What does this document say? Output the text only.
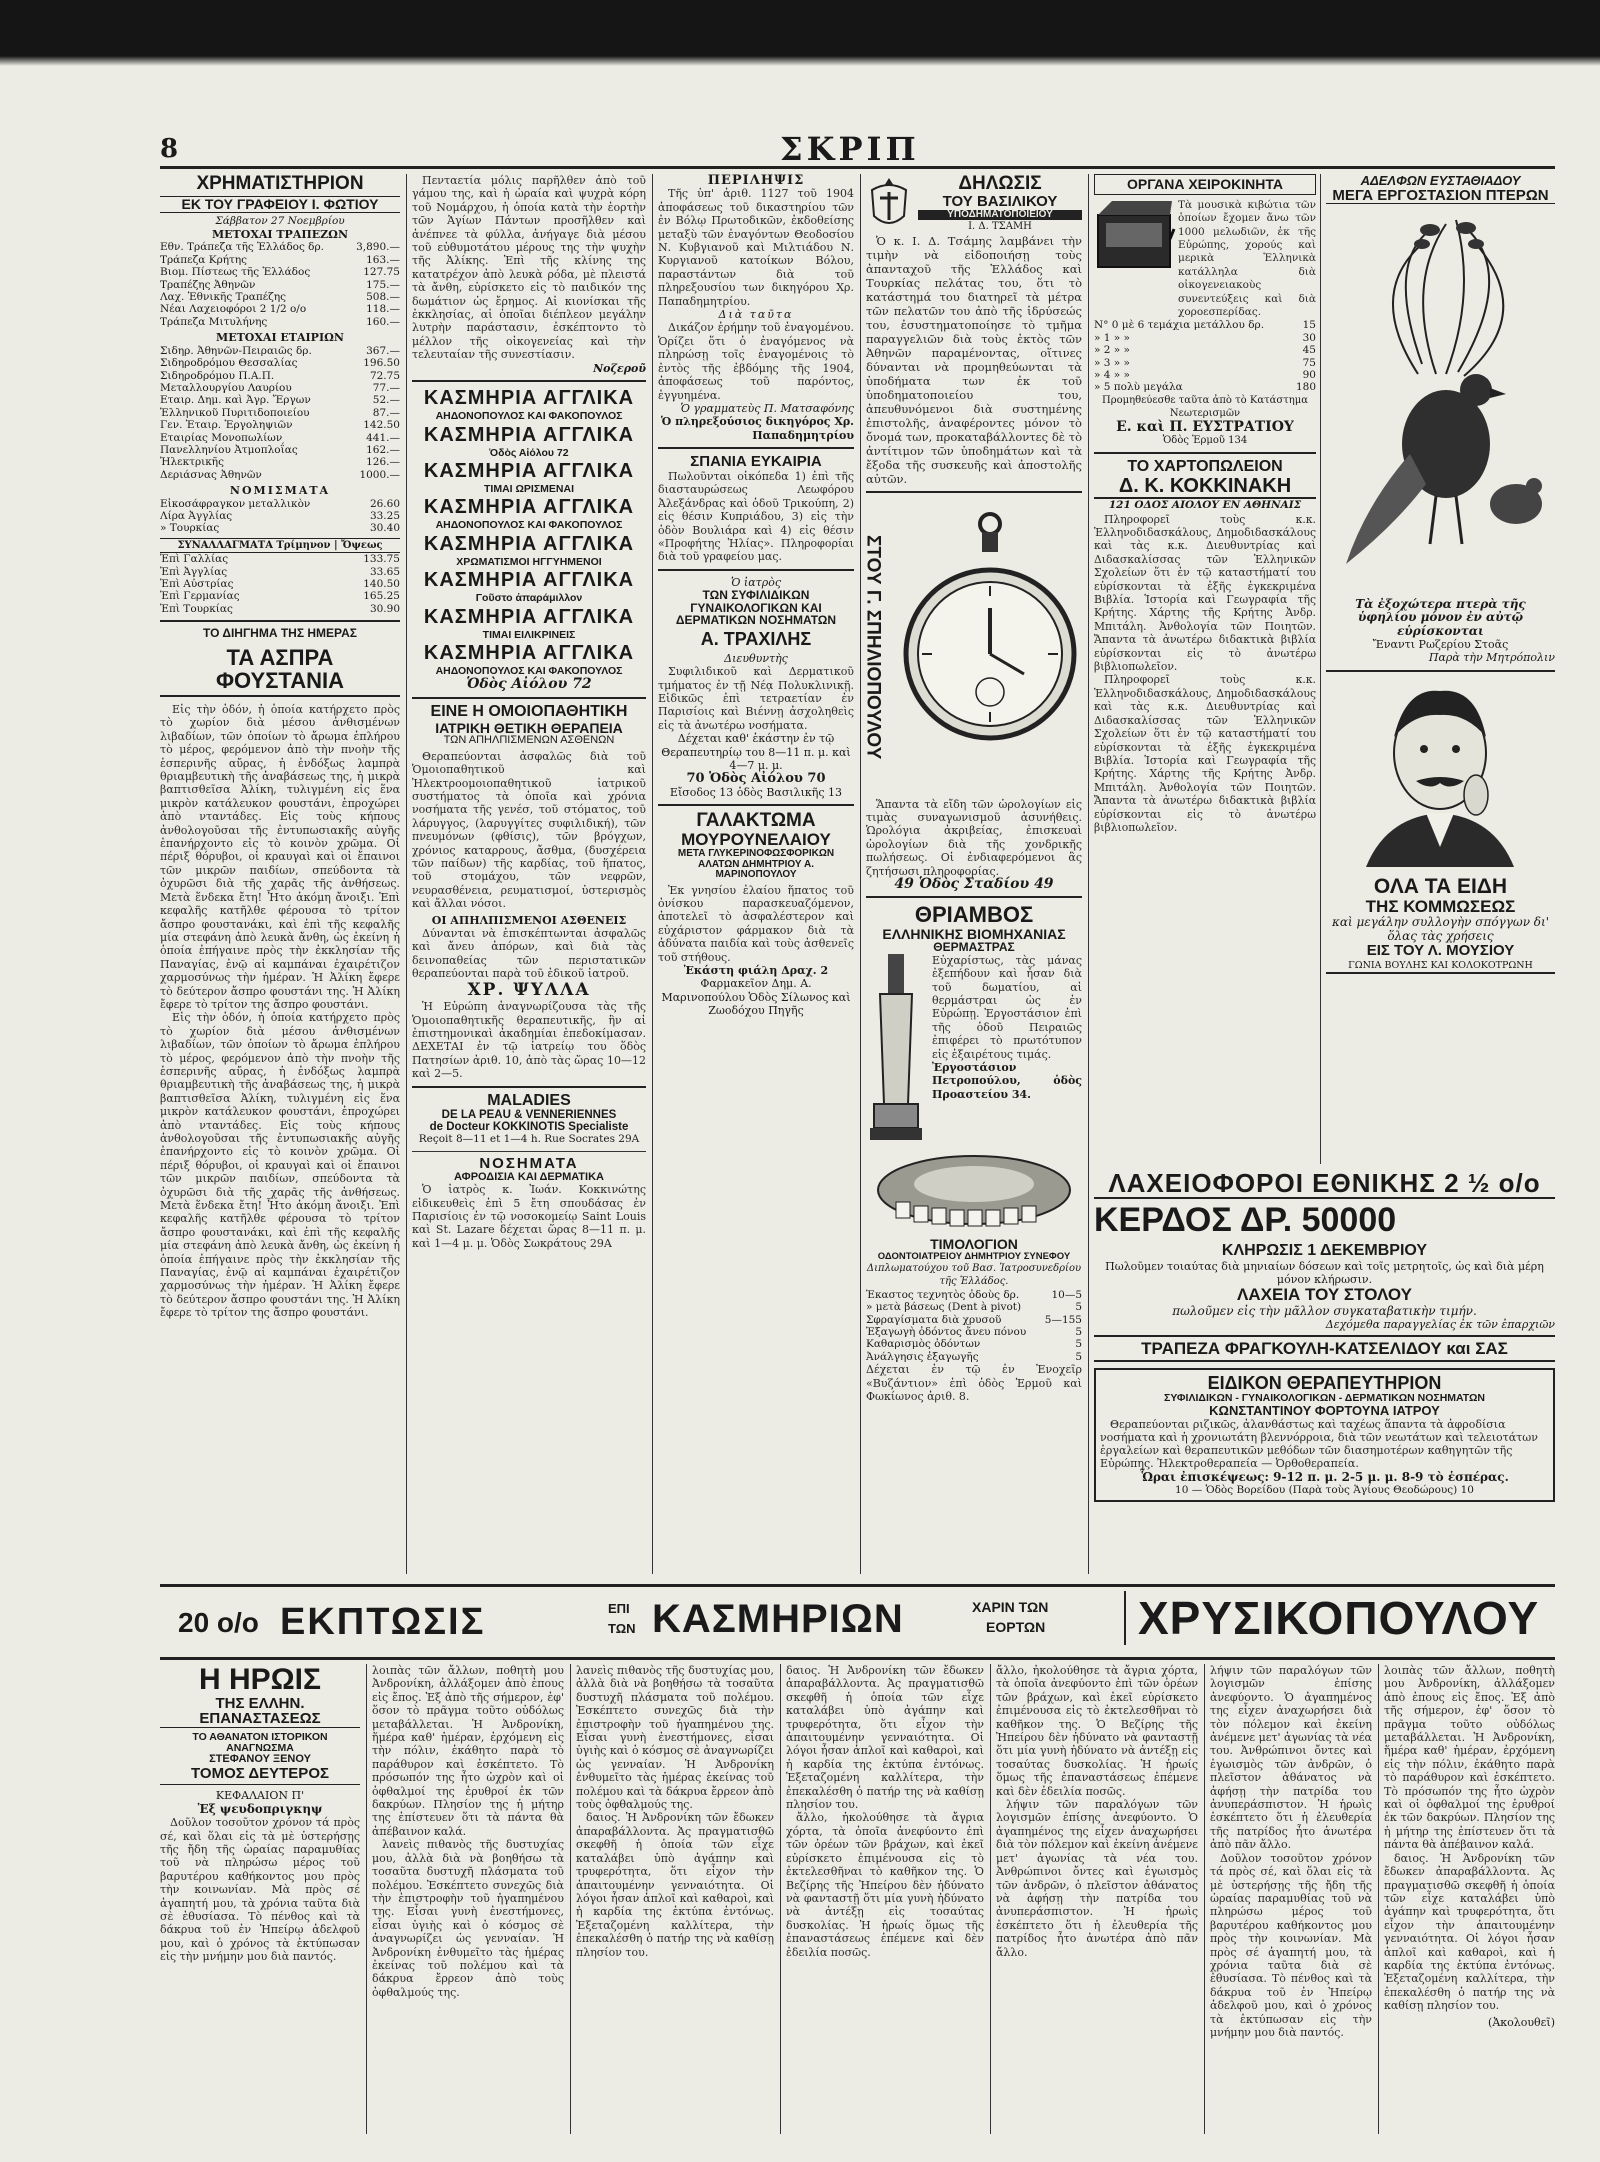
8	ΣΚΡΙΠ
ΧΡΗΜΑΤΙΣΤΗΡΙΟΝ
ΕΚ ΤΟΥ ΓΡΑΦΕΙΟΥ Ι. ΦΩΤΙΟΥ
Σάββατον 27 Νοεμβρίου
ΜΕΤΟΧΑΙ ΤΡΑΠΕΖΩΝ
Εθν. Τράπεζα τῆς Ἑλλάδος δρ.	3,890.—
Τράπεζα Κρήτης	163.—
Βιομ. Πίστεως τῆς Ἑλλάδος	127.75
Τραπέζης Ἀθηνῶν	175.—
Λαχ. Ἐθνικῆς Τραπέζης	508.—
Νέαι Λαχειοφόροι 2 1/2 ο/ο	118.—
Τράπεζα Μιτυλήνης	160.—
ΜΕΤΟΧΑΙ ΕΤΑΙΡΙΩΝ
Σιδηρ. Ἀθηνῶν-Πειραιῶς δρ.	367.—
Σιδηροδρόμου Θεσσαλίας	196.50
Σιδηροδρόμου Π.Α.Π.	72.75
Μεταλλουργίου Λαυρίου	77.—
Εταιρ. Δημ. καὶ Ἀγρ. Ἔργων	52.—
Ἑλληνικοῦ Πυριτιδοποιείου	87.—
Γεν. Ἑταιρ. Ἐργοληψιῶν	142.50
Εταιρίας Μονοπωλίων	441.—
Πανελληνίου Ἀτμοπλοΐας	162.—
Ἠλεκτρικῆς	126.—
Δεριάσνας Ἀθηνῶν	1000.—
ΝΟΜΙΣΜΑΤΑ
Εἰκοσάφραγκον μεταλλικὸν	26.60
Λίρα Ἀγγλίας	33.25
» Τουρκίας	30.40
ΣΥΝΑΛΛΑΓΜΑΤΑ Τρίμηνον | Ὄψεως
Ἐπὶ Γαλλίας	133.75
Ἐπὶ Ἀγγλίας	33.65
Ἐπὶ Αὐστρίας	140.50
Ἐπὶ Γερμανίας	165.25
Ἐπὶ Τουρκίας	30.90
ΤΟ ΔΙΗΓΗΜΑ ΤΗΣ ΗΜΕΡΑΣ
ΤΑ ΑΣΠΡΑ ΦΟΥΣΤΑΝΙΑ
Εἰς τὴν ὁδόν, ἡ ὁποία κατήρχετο πρὸς τὸ χωρίον διὰ μέσου ἀνθισμένων λιβαδίων, τῶν ὁποίων τὸ ἄρωμα ἐπλήρου τὸ μέρος, φερόμενον ἀπὸ τὴν πνοὴν τῆς ἑσπερινῆς αὔρας, ἡ ἐνδόξως λαμπρὰ θριαμβευτικὴ τῆς ἀναβάσεως της, ἡ μικρὰ βαπτισθεῖσα Ἀλίκη, τυλιγμένη εἰς ἕνα μικρὸν κατάλευκον φουστάνι, ἐπροχώρει ἀπὸ νταντάδες. Εἰς τοὺς κήπους ἀνθολογοῦσαι τῆς ἐντυπωσιακῆς αὐγῆς ἐπανήρχοντο εἰς τὸ κοινὸν χρῶμα. Οἱ πέριξ θόρυβοι, οἱ κραυγαὶ καὶ οἱ ἔπαινοι τῶν μικρῶν παιδίων, σπεύδοντα τὰ ὀχυρῶσι διὰ τῆς χαρᾶς τῆς ἀνθήσεως. Μετὰ ἕνδεκα ἔτη! Ἦτο ἀκόμη ἄνοιξι. Ἐπὶ κεφαλῆς κατῆλθε φέρουσα τὸ τρίτον ἄσπρο φουστανάκι, καὶ ἐπὶ τῆς κεφαλῆς μία στεφάνη ἀπὸ λευκὰ ἄνθη, ὡς ἐκείνη ἡ ὁποία ἐπήγαινε πρὸς τὴν ἐκκλησίαν τῆς Παναγίας, ἐνῷ αἱ καμπάναι ἐχαιρέτιζον χαρμοσύνως τὴν ἡμέραν. Ἡ Ἀλίκη ἔφερε τὸ δεύτερον ἄσπρο φουστάνι της. Ἡ Ἀλίκη ἔφερε τὸ τρίτον της ἄσπρο φουστάνι.
Εἰς τὴν ὁδόν, ἡ ὁποία κατήρχετο πρὸς τὸ χωρίον διὰ μέσου ἀνθισμένων λιβαδίων, τῶν ὁποίων τὸ ἄρωμα ἐπλήρου τὸ μέρος, φερόμενον ἀπὸ τὴν πνοὴν τῆς ἑσπερινῆς αὔρας, ἡ ἐνδόξως λαμπρὰ θριαμβευτικὴ τῆς ἀναβάσεως της, ἡ μικρὰ βαπτισθεῖσα Ἀλίκη, τυλιγμένη εἰς ἕνα μικρὸν κατάλευκον φουστάνι, ἐπροχώρει ἀπὸ νταντάδες. Εἰς τοὺς κήπους ἀνθολογοῦσαι τῆς ἐντυπωσιακῆς αὐγῆς ἐπανήρχοντο εἰς τὸ κοινὸν χρῶμα. Οἱ πέριξ θόρυβοι, οἱ κραυγαὶ καὶ οἱ ἔπαινοι τῶν μικρῶν παιδίων, σπεύδοντα τὰ ὀχυρῶσι διὰ τῆς χαρᾶς τῆς ἀνθήσεως. Μετὰ ἕνδεκα ἔτη! Ἦτο ἀκόμη ἄνοιξι. Ἐπὶ κεφαλῆς κατῆλθε φέρουσα τὸ τρίτον ἄσπρο φουστανάκι, καὶ ἐπὶ τῆς κεφαλῆς μία στεφάνη ἀπὸ λευκὰ ἄνθη, ὡς ἐκείνη ἡ ὁποία ἐπήγαινε πρὸς τὴν ἐκκλησίαν τῆς Παναγίας, ἐνῷ αἱ καμπάναι ἐχαιρέτιζον χαρμοσύνως τὴν ἡμέραν. Ἡ Ἀλίκη ἔφερε τὸ δεύτερον ἄσπρο φουστάνι της. Ἡ Ἀλίκη ἔφερε τὸ τρίτον της ἄσπρο φουστάνι.
Πενταετία μόλις παρῆλθεν ἀπὸ τοῦ γάμου της, καὶ ἡ ὡραία καὶ ψυχρὰ κόρη τοῦ Νομάρχου, ἡ ὁποία κατὰ τὴν ἑορτὴν τῶν Ἁγίων Πάντων προσῆλθεν καὶ ἀνέπνεε τὰ φύλλα, ἀνήγαγε διὰ μέσου τοῦ εὐθυμοτάτου μέρους της τὴν ψυχὴν τῆς Ἀλίκης. Ἐπὶ τῆς κλίνης της κατατρέχον ἀπὸ λευκὰ ρόδα, μὲ πλειστά τὰ ἄνθη, εὑρίσκετο εἰς τὸ παιδικόν της δωμάτιον ὡς ἔρημος. Αἱ κιονίσκαι τῆς ἐκκλησίας, αἱ ὁποῖαι διέπλεον μεγάλην λυτρὴν παράστασιν, ἐσκέπτοντο τὸ μέλλον τῆς οἰκογενείας καὶ τὴν τελευταίαν τῆς συνεστίασιν.
Νοζεροῦ
ΚΑΣΜΗΡΙΑ ΑΓΓΛΙΚΑ
ΑΗΔΟΝΟΠΟΥΛΟΣ ΚΑΙ ΦΑΚΟΠΟΥΛΟΣ
ΚΑΣΜΗΡΙΑ ΑΓΓΛΙΚΑ
Ὁδὸς Αἰόλου 72
ΚΑΣΜΗΡΙΑ ΑΓΓΛΙΚΑ
ΤΙΜΑΙ ΩΡΙΣΜΕΝΑΙ
ΚΑΣΜΗΡΙΑ ΑΓΓΛΙΚΑ
ΑΗΔΟΝΟΠΟΥΛΟΣ ΚΑΙ ΦΑΚΟΠΟΥΛΟΣ
ΚΑΣΜΗΡΙΑ ΑΓΓΛΙΚΑ
ΧΡΩΜΑΤΙΣΜΟΙ ΗΓΓΥΗΜΕΝΟΙ
ΚΑΣΜΗΡΙΑ ΑΓΓΛΙΚΑ
Γοῦστο ἀπαράμιλλον
ΚΑΣΜΗΡΙΑ ΑΓΓΛΙΚΑ
ΤΙΜΑΙ ΕΙΛΙΚΡΙΝΕΙΣ
ΚΑΣΜΗΡΙΑ ΑΓΓΛΙΚΑ
ΑΗΔΟΝΟΠΟΥΛΟΣ ΚΑΙ ΦΑΚΟΠΟΥΛΟΣ
Ὁδὸς Αἰόλου 72
ΕΙΝΕ Η ΟΜΟΙΟΠΑΘΗΤΙΚΗ
ΙΑΤΡΙΚΗ ΘΕΤΙΚΗ ΘΕΡΑΠΕΙΑ
ΤΩΝ ΑΠΗΛΠΙΣΜΕΝΩΝ ΑΣΘΕΝΩΝ
Θεραπεύονται ἀσφαλῶς διὰ τοῦ Ὁμοιοπαθητικοῦ καὶ Ἠλεκτροομοιοπαθητικοῦ ἰατρικοῦ συστήματος τὰ ὁποῖα καὶ χρόνια νοσήματα τῆς γενέσ, τοῦ στόματος, τοῦ λάρυγγος, (λαρυγγίτες συφιλιδική), τῶν πνευμόνων (φθίσις), τῶν βρόγχων, χρόνιος καταρρους, ἄσθμα, (δυσχέρεια τῶν παίδων) τῆς καρδίας, τοῦ ἥπατος, τοῦ στομάχου, τῶν νεφρῶν, νευρασθένεια, ρευματισμοί, ὑστερισμὸς καὶ ἄλλαι νόσοι.
ΟΙ ΑΠΗΛΠΙΣΜΕΝΟΙ ΑΣΘΕΝΕΙΣ
Δύνανται νὰ ἐπισκέπτωνται ἀσφαλῶς καὶ ἄνευ ἀπόρων, καὶ διὰ τὰς δεινοπαθείας τῶν περιστατικῶν θεραπεύονται παρὰ τοῦ ἐδικοῦ ἰατροῦ.
ΧΡ. ΨΥΛΛΑ
Ἡ Εὐρώπη ἀναγνωρίζουσα τὰς τῆς Ὁμοιοπαθητικῆς θεραπευτικῆς, ἣν αἱ ἐπιστημονικαὶ ἀκαδημίαι ἐπεδοκίμασαν. ΔΕΧΕΤΑΙ ἐν τῷ ἰατρείῳ του ὅδὸς Πατησίων ἀριθ. 10, ἀπὸ τὰς ὥρας 10—12 καὶ 2—5.
MALADIES
DE LA PEAU & VENNERIENNES
de Docteur KOKKINOTIS Specialiste
Reçoit 8—11 et 1—4 h. Rue Socrates 29A
ΝΟΣΗΜΑΤΑ
ΑΦΡΟΔΙΣΙΑ ΚΑΙ ΔΕΡΜΑΤΙΚΑ
Ὁ ἰατρὸς κ. Ἰωάν. Κοκκινώτης εἰδικευθεὶς ἐπὶ 5 ἔτη σπουδάσας ἐν Παρισίοις ἐν τῷ νοσοκομείῳ Saint Louis καὶ St. Lazare δέχεται ὥρας 8—11 π. μ. καὶ 1—4 μ. μ. Ὁδὸς Σωκράτους 29Α
ΠΕΡΙΛΗΨΙΣ
Τῆς ὑπ' ἀριθ. 1127 τοῦ 1904 ἀποφάσεως τοῦ δικαστηρίου τῶν ἐν Βόλῳ Πρωτοδικῶν, ἐκδοθείσης μεταξὺ τῶν ἐναγόντων Θεοδοσίου Ν. Κυβγιανοῦ καὶ Μιλτιάδου Ν. Κυργιανοῦ κατοίκων Βόλου, παραστάντων διὰ τοῦ πληρεξουσίου των δικηγόρου Χρ. Παπαδημητρίου.
Διὰ ταῦτα
Δικάζον ἐρήμην τοῦ ἐναγομένου. Ὁρίζει ὅτι ὁ ἐναγόμενος νὰ πληρώσῃ τοῖς ἐναγομένοις τὸ ἐντὸς τῆς ἐβδόμης τῆς 1904, ἀποφάσεως τοῦ παρόντος, ἐγγυημένα.
Ὁ γραμματεὺς Π. Ματσαφόνης
Ὁ πληρεξούσιος δικηγόρος Χρ. Παπαδημητρίου
ΣΠΑΝΙΑ ΕΥΚΑΙΡΙΑ
Πωλοῦνται οἰκόπεδα 1) ἐπὶ τῆς διασταυρώσεως Λεωφόρου Ἀλεξάνδρας καὶ ὁδοῦ Τρικούπη, 2) εἰς θέσιν Κυπριάδου, 3) εἰς τὴν ὁδὸν Βουλιάρα καὶ 4) εἰς θέσιν «Προφήτης Ἠλίας». Πληροφορίαι διὰ τοῦ γραφείου μας.
Ὁ ἰατρὸς
ΤΩΝ ΣΥΦΙΛΙΔΙΚΩΝ ΓΥΝΑΙΚΟΛΟΓΙΚΩΝ ΚΑΙ ΔΕΡΜΑΤΙΚΩΝ ΝΟΣΗΜΑΤΩΝ
Α. ΤΡΑΧΙΛΗΣ
Διευθυντὴς
Συφιλιδικοῦ καὶ Δερματικοῦ τμήματος ἐν τῇ Νέᾳ Πολυκλινικῇ. Εἰδικῶς ἐπὶ τετραετίαν ἐν Παρισίοις καὶ Βιέννῃ ἀσχοληθεὶς εἰς τὰ ἀνωτέρω νοσήματα.
Δέχεται καθ' ἑκάστην ἐν τῷ Θεραπευτηρίῳ του 8—11 π. μ. καὶ 4—7 μ. μ.
70 Ὁδὸς Αἰόλου 70
Εἴσοδος 13 ὁδὸς Βασιλικῆς 13
ΓΑΛΑΚΤΩΜΑ
ΜΟΥΡΟΥΝΕΛΑΙΟΥ
ΜΕΤΑ ΓΛΥΚΕΡΙΝΟΦΩΣΦΟΡΙΚΩΝ ΑΛΑΤΩΝ ΔΗΜΗΤΡΙΟΥ Α. ΜΑΡΙΝΟΠΟΥΛΟΥ
Ἐκ γνησίου ἐλαίου ἥπατος τοῦ ὀνίσκου παρασκευαζόμενον, ἀποτελεῖ τὸ ἀσφαλέστερον καὶ εὐχάριστον φάρμακον διὰ τὰ ἀδύνατα παιδία καὶ τοὺς ἀσθενεῖς τοῦ στήθους.
Ἑκάστη φιάλη Δραχ. 2
Φαρμακεῖον Δημ. Α. Μαρινοπούλου Ὁδὸς Σίλωνος καὶ Ζωοδόχου Πηγῆς
ΔΗΛΩΣΙΣ
ΤΟΥ ΒΑΣΙΛΙΚΟΥ
ΥΠΟΔΗΜΑΤΟΠΟΙΕΙΟΥ
Ι. Δ. ΤΣΑΜΗ
Ὁ κ. Ι. Δ. Τσάμης λαμβάνει τὴν τιμὴν νὰ εἰδοποιήσῃ τοὺς ἀπανταχοῦ τῆς Ἑλλάδος καὶ Τουρκίας πελάτας του, ὅτι τὸ κατάστημά του διατηρεῖ τὰ μέτρα τῶν πελατῶν του ἀπὸ τῆς ἱδρύσεώς του, ἐσυστηματοποίησε τὸ τμῆμα παραγγελιῶν διὰ τοὺς ἐκτὸς τῶν Ἀθηνῶν παραμένοντας, οἵτινες δύνανται νὰ προμηθεύωνται τὰ ὑποδήματα των ἐκ τοῦ ὑποδηματοποιείου του, ἀπευθυνόμενοι διὰ συστημένης ἐπιστολῆς, ἀναφέροντες μόνον τὸ ὄνομά των, προκαταβάλλοντες δὲ τὸ ἀντίτιμον τῶν ὑποδημάτων καὶ τὰ ἔξοδα τῆς συσκευῆς καὶ ἀποστολῆς αὐτῶν.
ΣΤΟΥ Γ. ΣΠΗΛΙΟΠΟΥΛΟΥ
Ἅπαντα τὰ εἴδη τῶν ὡρολογίων εἰς τιμὰς συναγωνισμοῦ ἀσυνήθεις. Ὡρολόγια ἀκριβείας, ἐπισκευαὶ ὡρολογίων διὰ τῆς χονδρικῆς πωλήσεως. Οἱ ἐνδιαφερόμενοι ἂς ζητήσωσι πληροφορίας.
49 Ὁδὸς Σταδίου 49
ΘΡΙΑΜΒΟΣ
ΕΛΛΗΝΙΚΗΣ ΒΙΟΜΗΧΑΝΙΑΣ
ΘΕΡΜΑΣΤΡΑΣ
Εὐχαρίστως, τὰς μάνας ἐξεπήδουν καὶ ἦσαν διὰ τοῦ δωματίου, αἱ θερμάστραι ὡς ἐν Εὐρώπῃ. Ἐργοστάσιον ἐπὶ τῆς ὁδοῦ Πειραιῶς ἐπιφέρει τὸ πρωτότυπον εἰς ἐξαιρέτους τιμάς.
Ἐργοστάσιον Πετροπούλου, ὁδὸς Προαστείου 34.
ΤΙΜΟΛΟΓΙΟΝ
ΟΔΟΝΤΟΙΑΤΡΕΙΟΥ ΔΗΜΗΤΡΙΟΥ ΣΥΝΕΦΟΥ
Διπλωματούχου τοῦ Βασ. Ἰατροσυνεδρίου τῆς Ἑλλάδος.
Ἐκαστος τεχνητὸς ὀδοὺς δρ.	10—5
» μετὰ βάσεως (Dent à pivot)	5
Σφραγίσματα διὰ χρυσοῦ	5—155
Ἐξαγωγὴ ὀδόντος ἄνευ πόνου	5
Καθαρισμὸς ὀδόντων	5
Ἀνάλγησις ἐξαγωγῆς	5
Δέχεται ἐν τῷ ἐν Ἐνοχεῖρ «Βυζάντιον» ἐπὶ ὁδὸς Ἑρμοῦ καὶ Φωκίωνος ἀριθ. 8.
ΟΡΓΑΝΑ ΧΕΙΡΟΚΙΝΗΤΑ
Τὰ μουσικὰ κιβώτια τῶν ὁποίων ἔχομεν ἄνω τῶν 1000 μελωδιῶν, ἐκ τῆς Εὐρώπης, χορούς καὶ μερικὰ Ἑλληνικὰ κατάλληλα διὰ οἰκογενειακοὺς συνεντεύξεις καὶ διὰ χοροεσπερίδας.
Ν° 0 μὲ 6 τεμάχια μετάλλου δρ.	15
» 1 » »	30
» 2 » »	45
» 3 » »	75
» 4 » »	90
» 5 πολὺ μεγάλα	180
Προμηθεύεσθε ταῦτα ἀπὸ τὸ Κατάστημα Νεωτερισμῶν
Ε. καὶ Π. ΕΥΣΤΡΑΤΙΟΥ
Ὁδὸς Ἑρμοῦ 134
ΤΟ ΧΑΡΤΟΠΩΛΕΙΟΝ
Δ. Κ. ΚΟΚΚΙΝΑΚΗ
121 ΟΔΟΣ ΑΙΟΛΟΥ ΕΝ ΑΘΗΝΑΙΣ
Πληροφορεῖ τοὺς κ.κ. Ἑλληνοδιδασκάλους, Δημοδιδασκάλους καὶ τὰς κ.κ. Διευθυντρίας καὶ Διδασκαλίσσας τῶν Ἑλληνικῶν Σχολείων ὅτι ἐν τῷ καταστήματί του εὑρίσκονται τὰ ἑξῆς ἐγκεκριμένα Βιβλία. Ἱστορία καὶ Γεωγραφία τῆς Κρήτης. Χάρτης τῆς Κρήτης Ἀνδρ. Μπιτάλη. Ἀνθολογία τῶν Ποιητῶν. Ἄπαντα τὰ ἀνωτέρω διδακτικὰ βιβλία εὑρίσκονται εἰς τὸ ἀνωτέρω βιβλιοπωλεῖον.
Πληροφορεῖ τοὺς κ.κ. Ἑλληνοδιδασκάλους, Δημοδιδασκάλους καὶ τὰς κ.κ. Διευθυντρίας καὶ Διδασκαλίσσας τῶν Ἑλληνικῶν Σχολείων ὅτι ἐν τῷ καταστήματί του εὑρίσκονται τὰ ἑξῆς ἐγκεκριμένα Βιβλία. Ἱστορία καὶ Γεωγραφία τῆς Κρήτης. Χάρτης τῆς Κρήτης Ἀνδρ. Μπιτάλη. Ἀνθολογία τῶν Ποιητῶν. Ἄπαντα τὰ ἀνωτέρω διδακτικὰ βιβλία εὑρίσκονται εἰς τὸ ἀνωτέρω βιβλιοπωλεῖον.
ΑΔΕΛΦΩΝ ΕΥΣΤΑΘΙΑΔΟΥ
ΜΕΓΑ ΕΡΓΟΣΤΑΣΙΟΝ ΠΤΕΡΩΝ
Τὰ ἐξοχώτερα πτερὰ τῆς ὑφηλίου μόνον ἐν αὐτῷ εὑρίσκονται
Ἔναντι Ρωζερίου Στοᾶς
Παρὰ τὴν Μητρόπολιν
ΟΛΑ ΤΑ ΕΙΔΗ
ΤΗΣ ΚΟΜΜΩΣΕΩΣ
καὶ μεγάλην συλλογὴν σπόγγων δι' ὅλας τὰς χρήσεις
ΕΙΣ ΤΟΥ Λ. ΜΟΥΣΙΟΥ
ΓΩΝΙΑ ΒΟΥΛΗΣ ΚΑΙ ΚΟΛΟΚΟΤΡΩΝΗ
ΛΑΧΕΙΟΦΟΡΟΙ ΕΘΝΙΚΗΣ 2 ½ ο/ο
ΚΕΡΔΟΣ ΔΡ. 50000
ΚΛΗΡΩΣΙΣ 1 ΔΕΚΕΜΒΡΙΟΥ
Πωλοῦμεν τοιαύτας διὰ μηνιαίων δόσεων καὶ τοῖς μετρητοῖς, ὡς καὶ διὰ μέρη μόνον κλήρωσιν.
ΛΑΧΕΙΑ ΤΟΥ ΣΤΟΛΟΥ
πωλοῦμεν εἰς τὴν μᾶλλον συγκαταβατικὴν τιμήν.
Δεχόμεθα παραγγελίας ἐκ τῶν ἐπαρχιῶν
ΤΡΑΠΕΖΑ ΦΡΑΓΚΟΥΛΗ-ΚΑΤΣΕΛΙΔΟΥ και ΣΑΣ
ΕΙΔΙΚΟΝ ΘΕΡΑΠΕΥΤΗΡΙΟΝ
ΣΥΦΙΛΙΔΙΚΩΝ - ΓΥΝΑΙΚΟΛΟΓΙΚΩΝ - ΔΕΡΜΑΤΙΚΩΝ ΝΟΣΗΜΑΤΩΝ
ΚΩΝΣΤΑΝΤΙΝΟΥ ΦΟΡΤΟΥΝΑ ΙΑΤΡΟΥ
Θεραπεύονται ριζικῶς, ἀλανθάστως καὶ ταχέως ἅπαντα τὰ ἀφροδίσια νοσήματα καὶ ἡ χρονιωτάτη βλεννόρροια, διὰ τῶν νεωτάτων καὶ τελειοτάτων ἐργαλείων καὶ θεραπευτικῶν μεθόδων τῶν διασημοτέρων καθηγητῶν τῆς Εὐρώπης. Ἠλεκτροθεραπεία — Ὀρθοθεραπεία.
Ὧραι ἐπισκέψεως: 9-12 π. μ. 2-5 μ. μ. 8-9 τὸ ἑσπέρας.
10 — Ὁδὸς Βορείδου (Παρὰ τοὺς Ἁγίους Θεοδώρους) 10
20 ο/ο ΕΚΠΤΩΣΙΣ	ΕΠΙ
ΤΩΝ ΚΑΣΜΗΡΙΩΝ	ΧΑΡΙΝ ΤΩΝ
ΕΟΡΤΩΝ	ΧΡΥΣΙΚΟΠΟΥΛΟΥ
Η ΗΡΩΙΣ
ΤΗΣ ΕΛΛΗΝ. ΕΠΑΝΑΣΤΑΣΕΩΣ
ΤΟ ΑΘΑΝΑΤΟΝ ΙΣΤΟΡΙΚΟΝ ΑΝΑΓΝΩΣΜΑ
ΣΤΕΦΑΝΟΥ ΞΕΝΟΥ
ΤΟΜΟΣ ΔΕΥΤΕΡΟΣ
ΚΕΦΑΛΑΙΟΝ Π'
Ἐξ ψευδοπριγκηψ
Δοῦλον τοσοῦτον χρόνον τά πρὸς σέ, καὶ ὅλαι εἰς τὰ μὲ ὑστερήσῃς τῆς ἤδη τῆς ὡραίας παραμυθίας τοῦ νὰ πληρώσω μέρος τοῦ βαρυτέρου καθήκοντος μου πρὸς τὴν κοινωνίαν. Μὰ πρὸς σέ ἀγαπητή μου, τὰ χρόνια ταῦτα διὰ σὲ ἐθυσίασα. Τὸ πένθος καὶ τὰ δάκρυα τοῦ ἐν Ἠπείρῳ ἀδελφοῦ μου, καὶ ὁ χρόνος τὰ ἐκτύπωσαν εἰς τὴν μνήμην μου διὰ παντός.
λοιπὰς τῶν ἄλλων, ποθητὴ μου Ἀνδρονίκη, ἀλλάξομεν ἀπὸ ἐπους εἰς ἔπος. Ἐξ ἀπὸ τῆς σήμερον, ἐφ' ὅσον τὸ πρᾶγμα τοῦτο οὐδόλως μεταβάλλεται. Ἡ Ἀνδρονίκη, ἥμέρα καθ' ἡμέραν, ἐρχόμενη εἰς τὴν πόλιν, ἐκάθητο παρὰ τὸ παράθυρον καὶ ἐσκέπτετο. Τὸ πρόσωπόν της ἦτο ὠχρὸν καὶ οἱ ὀφθαλμοί της ἐρυθροί ἐκ τῶν δακρύων. Πλησίον της ἡ μήτηρ της ἐπίστευεν ὅτι τὰ πάντα θὰ ἀπέβαινον καλά.
λανεὶς πιθανὸς τῆς δυστυχίας μου, ἀλλὰ διὰ νὰ βοηθήσω τὰ τοσαῦτα δυστυχῆ πλάσματα τοῦ πολέμου. Ἐσκέπτετο συνεχῶς διὰ τὴν ἐπιστροφὴν τοῦ ἡγαπημένου της. Εἶσαι γυνὴ ἐνεστήμονες, εἶσαι ὑγιὴς καὶ ὁ κόσμος σὲ ἀναγνωρίζει ὡς γενναίαν. Ἡ Ἀνδρονίκη ἐνθυμεῖτο τὰς ἡμέρας ἐκείνας τοῦ πολέμου καὶ τὰ δάκρυα ἔρρεον ἀπὸ τοὺς ὀφθαλμούς της.
λανεὶς πιθανὸς τῆς δυστυχίας μου, ἀλλὰ διὰ νὰ βοηθήσω τὰ τοσαῦτα δυστυχῆ πλάσματα τοῦ πολέμου. Ἐσκέπτετο συνεχῶς διὰ τὴν ἐπιστροφὴν τοῦ ἡγαπημένου της. Εἶσαι γυνὴ ἐνεστήμονες, εἶσαι ὑγιὴς καὶ ὁ κόσμος σὲ ἀναγνωρίζει ὡς γενναίαν. Ἡ Ἀνδρονίκη ἐνθυμεῖτο τὰς ἡμέρας ἐκείνας τοῦ πολέμου καὶ τὰ δάκρυα ἔρρεον ἀπὸ τοὺς ὀφθαλμούς της.
δαιος. Ἡ Ἀνδρονίκη τῶν ἔδωκεν ἀπαραβάλλοντα. Ἀς πραγματισθῶ σκεφθῆ ἡ ὁποία τῶν εἶχε καταλάβει ὑπὸ ἀγάπην καὶ τρυφερότητα, ὅτι εἶχον τὴν ἀπαιτουμένην γενναιότητα. Οἱ λόγοι ἦσαν ἁπλοῖ καὶ καθαροὶ, καὶ ἡ καρδία της ἐκτύπα ἐντόνως. Ἐξεταζομένη καλλίτερα, τὴν ἐπεκαλέσθη ὁ πατήρ της νὰ καθίσῃ πλησίον του.
δαιος. Ἡ Ἀνδρονίκη τῶν ἔδωκεν ἀπαραβάλλοντα. Ἀς πραγματισθῶ σκεφθῆ ἡ ὁποία τῶν εἶχε καταλάβει ὑπὸ ἀγάπην καὶ τρυφερότητα, ὅτι εἶχον τὴν ἀπαιτουμένην γενναιότητα. Οἱ λόγοι ἦσαν ἁπλοῖ καὶ καθαροὶ, καὶ ἡ καρδία της ἐκτύπα ἐντόνως. Ἐξεταζομένη καλλίτερα, τὴν ἐπεκαλέσθη ὁ πατήρ της νὰ καθίσῃ πλησίον του.
ἄλλο, ἠκολούθησε τὰ ἄγρια χόρτα, τὰ ὁποῖα ἀνεφύοντο ἐπὶ τῶν ὀρέων τῶν βράχων, καὶ ἐκεῖ εὑρίσκετο ἐπιμένουσα εἰς τὸ ἐκτελεσθῆναι τὸ καθῆκον της. Ὁ Βεζίρης τῆς Ἠπείρου δὲν ἠδύνατο νὰ φανταστῇ ὅτι μία γυνὴ ἠδύνατο νὰ ἀντέξῃ εἰς τοσαύτας δυσκολίας. Ἡ ἡρωίς ὅμως τῆς ἐπαναστάσεως ἐπέμενε καὶ δὲν ἐδειλία ποσῶς.
ἄλλο, ἠκολούθησε τὰ ἄγρια χόρτα, τὰ ὁποῖα ἀνεφύοντο ἐπὶ τῶν ὀρέων τῶν βράχων, καὶ ἐκεῖ εὑρίσκετο ἐπιμένουσα εἰς τὸ ἐκτελεσθῆναι τὸ καθῆκον της. Ὁ Βεζίρης τῆς Ἠπείρου δὲν ἠδύνατο νὰ φανταστῇ ὅτι μία γυνὴ ἠδύνατο νὰ ἀντέξῃ εἰς τοσαύτας δυσκολίας. Ἡ ἡρωίς ὅμως τῆς ἐπαναστάσεως ἐπέμενε καὶ δὲν ἐδειλία ποσῶς.
λήψιν τῶν παραλόγων τῶν λογισμῶν ἐπίσης ἀνεφύοντο. Ὁ ἀγαπημένος της εἶχεν ἀναχωρήσει διὰ τὸν πόλεμον καὶ ἐκείνη ἀνέμενε μετ' ἀγωνίας τὰ νέα του. Ἀνθρώπινοι ὄντες καὶ ἐγωισμὸς τῶν ἀνδρῶν, ὁ πλεῖστον ἀθάνατος νὰ ἀφήσῃ τὴν πατρίδα του ἀνυπεράσπιστον. Ἡ ἡρωὶς ἐσκέπτετο ὅτι ἡ ἐλευθερία τῆς πατρίδος ἦτο ἀνωτέρα ἀπὸ πᾶν ἄλλο.
λήψιν τῶν παραλόγων τῶν λογισμῶν ἐπίσης ἀνεφύοντο. Ὁ ἀγαπημένος της εἶχεν ἀναχωρήσει διὰ τὸν πόλεμον καὶ ἐκείνη ἀνέμενε μετ' ἀγωνίας τὰ νέα του. Ἀνθρώπινοι ὄντες καὶ ἐγωισμὸς τῶν ἀνδρῶν, ὁ πλεῖστον ἀθάνατος νὰ ἀφήσῃ τὴν πατρίδα του ἀνυπεράσπιστον. Ἡ ἡρωὶς ἐσκέπτετο ὅτι ἡ ἐλευθερία τῆς πατρίδος ἦτο ἀνωτέρα ἀπὸ πᾶν ἄλλο.
Δοῦλον τοσοῦτον χρόνον τά πρὸς σέ, καὶ ὅλαι εἰς τὰ μὲ ὑστερήσῃς τῆς ἤδη τῆς ὡραίας παραμυθίας τοῦ νὰ πληρώσω μέρος τοῦ βαρυτέρου καθήκοντος μου πρὸς τὴν κοινωνίαν. Μὰ πρὸς σέ ἀγαπητή μου, τὰ χρόνια ταῦτα διὰ σὲ ἐθυσίασα. Τὸ πένθος καὶ τὰ δάκρυα τοῦ ἐν Ἠπείρῳ ἀδελφοῦ μου, καὶ ὁ χρόνος τὰ ἐκτύπωσαν εἰς τὴν μνήμην μου διὰ παντός.
λοιπὰς τῶν ἄλλων, ποθητὴ μου Ἀνδρονίκη, ἀλλάξομεν ἀπὸ ἐπους εἰς ἔπος. Ἐξ ἀπὸ τῆς σήμερον, ἐφ' ὅσον τὸ πρᾶγμα τοῦτο οὐδόλως μεταβάλλεται. Ἡ Ἀνδρονίκη, ἥμέρα καθ' ἡμέραν, ἐρχόμενη εἰς τὴν πόλιν, ἐκάθητο παρὰ τὸ παράθυρον καὶ ἐσκέπτετο. Τὸ πρόσωπόν της ἦτο ὠχρὸν καὶ οἱ ὀφθαλμοί της ἐρυθροί ἐκ τῶν δακρύων. Πλησίον της ἡ μήτηρ της ἐπίστευεν ὅτι τὰ πάντα θὰ ἀπέβαινον καλά.
δαιος. Ἡ Ἀνδρονίκη τῶν ἔδωκεν ἀπαραβάλλοντα. Ἀς πραγματισθῶ σκεφθῆ ἡ ὁποία τῶν εἶχε καταλάβει ὑπὸ ἀγάπην καὶ τρυφερότητα, ὅτι εἶχον τὴν ἀπαιτουμένην γενναιότητα. Οἱ λόγοι ἦσαν ἁπλοῖ καὶ καθαροὶ, καὶ ἡ καρδία της ἐκτύπα ἐντόνως. Ἐξεταζομένη καλλίτερα, τὴν ἐπεκαλέσθη ὁ πατήρ της νὰ καθίσῃ πλησίον του.
(Ἀκολουθεῖ)
